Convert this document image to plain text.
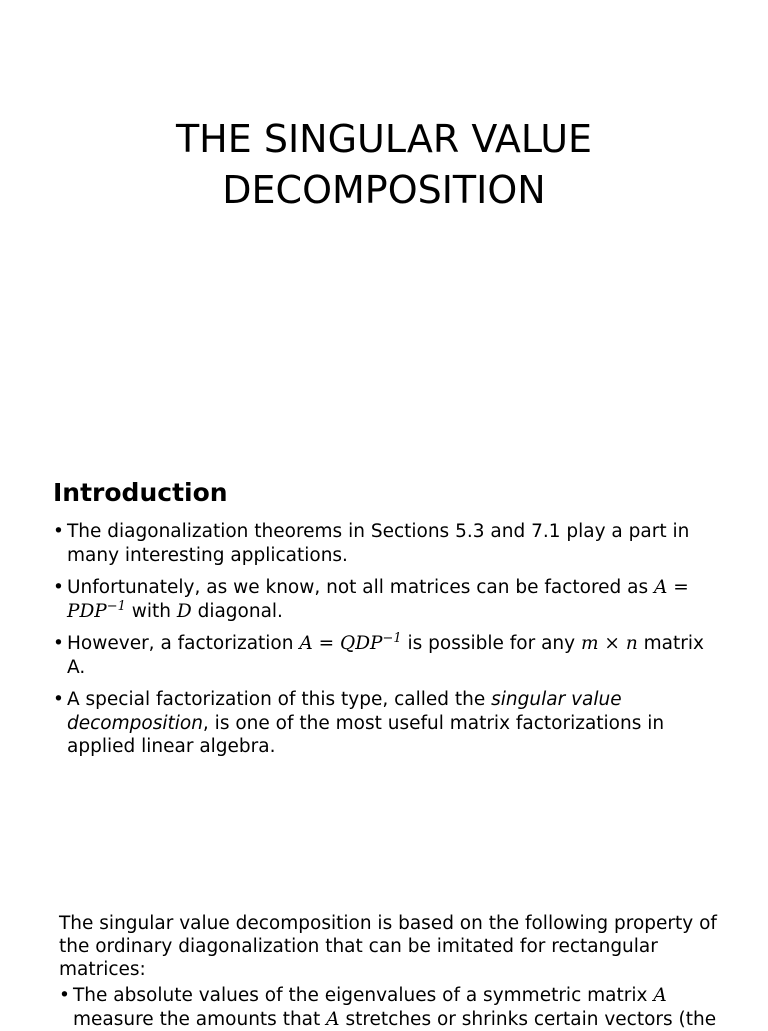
THE SINGULAR VALUE
DECOMPOSITION
Introduction
• The diagonalization theorems in Sections 5.3 and 7.1 play a part in many interesting applications.
• Unfortunately, as we know, not all matrices can be factored as $A = PDP^{-1}$ with D diagonal.
• However, a factorization $A = QDP^{-1}$ is possible for any m × n matrix A.
• A special factorization of this type, called the singular value decomposition, is one of the most useful matrix factorizations in applied linear algebra.

The singular value decomposition is based on the following property of the ordinary diagonalization that can be imitated for rectangular matrices:

• The absolute values of the eigenvalues of a symmetric matrix A measure the amounts that A stretches or shrinks certain vectors (the
